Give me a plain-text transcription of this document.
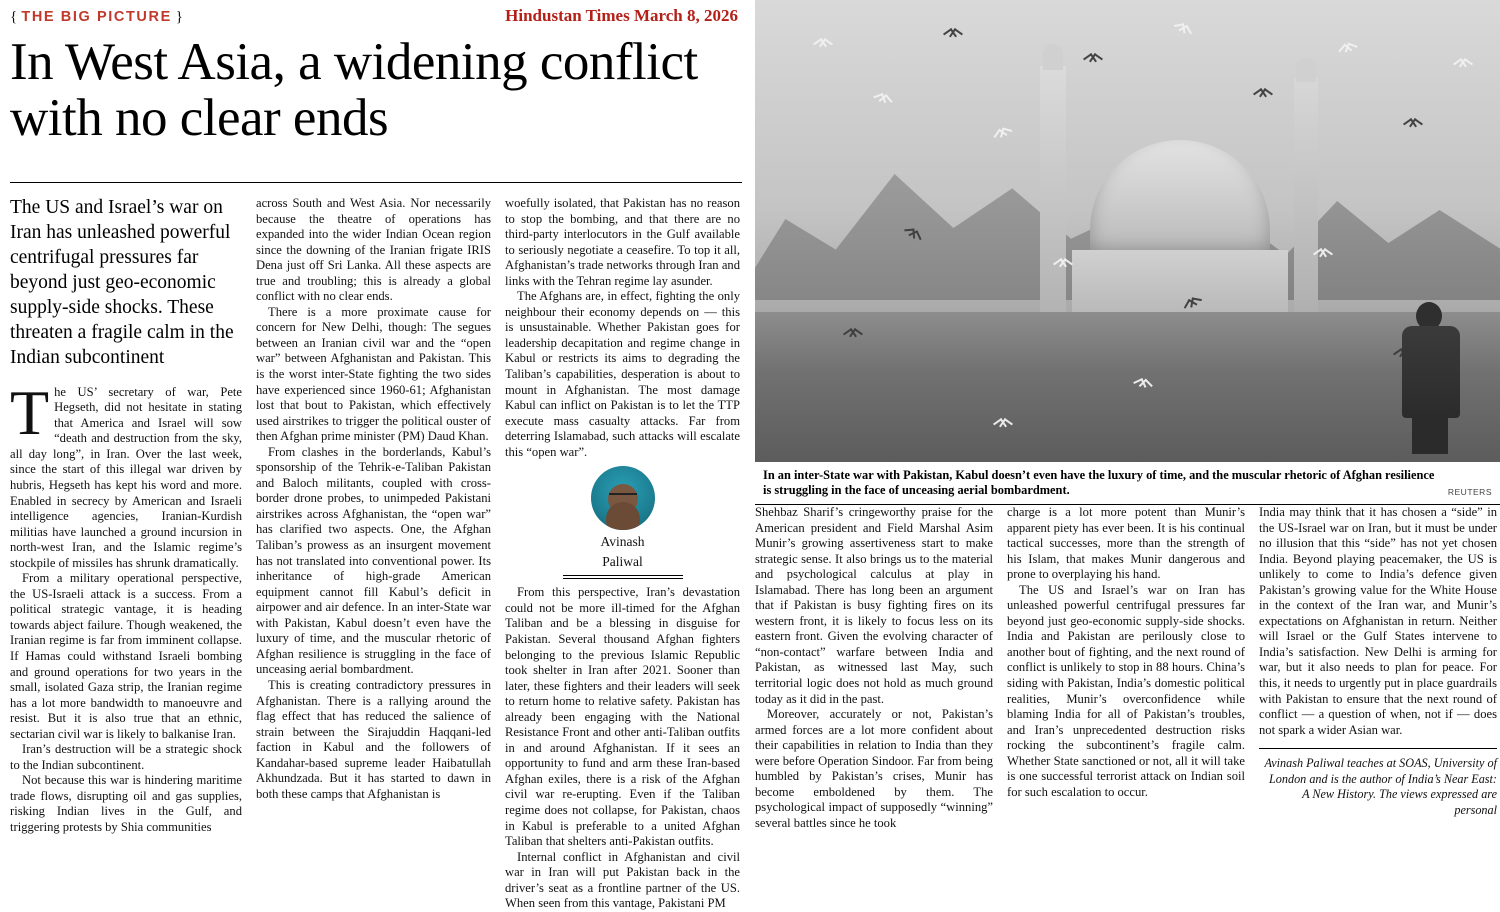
{ THE BIG PICTURE }	Hindustan Times March 8, 2026
In West Asia, a widening conflict with no clear ends
The US and Israel’s war on Iran has unleashed powerful centrifugal pressures far beyond just geo-economic supply-side shocks. These threaten a fragile calm in the Indian subcontinent
The US’ secretary of war, Pete Hegseth, did not hesitate in stating that America and Israel will sow “death and destruction from the sky, all day long”, in Iran. Over the last week, since the start of this illegal war driven by hubris, Hegseth has kept his word and more. Enabled in secrecy by American and Israeli intelligence agencies, Iranian-Kurdish militias have launched a ground incursion in north-west Iran, and the Islamic regime’s stockpile of missiles has shrunk dramatically.

From a military operational perspective, the US-Israeli attack is a success. From a political strategic vantage, it is heading towards abject failure. Though weakened, the Iranian regime is far from imminent collapse. If Hamas could withstand Israeli bombing and ground operations for two years in the small, isolated Gaza strip, the Iranian regime has a lot more bandwidth to manoeuvre and resist. But it is also true that an ethnic, sectarian civil war is likely to balkanise Iran.

Iran’s destruction will be a strategic shock to the Indian subcontinent.

Not because this war is hindering maritime trade flows, disrupting oil and gas supplies, risking Indian lives in the Gulf, and triggering protests by Shia communities

across South and West Asia. Nor necessarily because the theatre of operations has expanded into the wider Indian Ocean region since the downing of the Iranian frigate IRIS Dena just off Sri Lanka. All these aspects are true and troubling; this is already a global conflict with no clear ends.

There is a more proximate cause for concern for New Delhi, though: The segues between an Iranian civil war and the “open war” between Afghanistan and Pakistan. This is the worst inter-State fighting the two sides have experienced since 1960-61; Afghanistan lost that bout to Pakistan, which effectively used airstrikes to trigger the political ouster of then Afghan prime minister (PM) Daud Khan.

From clashes in the borderlands, Kabul’s sponsorship of the Tehrik-e-Taliban Pakistan and Baloch militants, coupled with cross-border drone probes, to unimpeded Pakistani airstrikes across Afghanistan, the “open war” has clarified two aspects. One, the Afghan Taliban’s prowess as an insurgent movement has not translated into conventional power. Its inheritance of high-grade American equipment cannot fill Kabul’s deficit in airpower and air defence. In an inter-State war with Pakistan, Kabul doesn’t even have the luxury of time, and the muscular rhetoric of Afghan resilience is struggling in the face of unceasing aerial bombardment.

This is creating contradictory pressures in Afghanistan. There is a rallying around the flag effect that has reduced the salience of strain between the Sirajuddin Haqqani-led faction in Kabul and the followers of Kandahar-based supreme leader Haibatullah Akhundzada. But it has started to dawn in both these camps that Afghanistan is

woefully isolated, that Pakistan has no reason to stop the bombing, and that there are no third-party interlocutors in the Gulf available to seriously negotiate a ceasefire. To top it all, Afghanistan’s trade networks through Iran and links with the Tehran regime lay asunder.

The Afghans are, in effect, fighting the only neighbour their economy depends on — this is unsustainable. Whether Pakistan goes for leadership decapitation and regime change in Kabul or restricts its aims to degrading the Taliban’s capabilities, desperation is about to mount in Afghanistan. The most damage Kabul can inflict on Pakistan is to let the TTP execute mass casualty attacks. Far from deterring Islamabad, such attacks will escalate this “open war”.

Avinash
Paliwal

From this perspective, Iran’s devastation could not be more ill-timed for the Afghan Taliban and be a blessing in disguise for Pakistan. Several thousand Afghan fighters belonging to the previous Islamic Republic took shelter in Iran after 2021. Sooner than later, these fighters and their leaders will seek to return home to relative safety. Pakistan has already been engaging with the National Resistance Front and other anti-Taliban outfits in and around Afghanistan. If it sees an opportunity to fund and arm these Iran-based Afghan exiles, there is a risk of the Afghan civil war re-erupting. Even if the Taliban regime does not collapse, for Pakistan, chaos in Kabul is preferable to a united Afghan Taliban that shelters anti-Pakistan outfits.

Internal conflict in Afghanistan and civil war in Iran will put Pakistan back in the driver’s seat as a frontline partner of the US. When seen from this vantage, Pakistani PM

In an inter-State war with Pakistan, Kabul doesn’t even have the luxury of time, and the muscular rhetoric of Afghan resilience is struggling in the face of unceasing aerial bombardment.	REUTERS

Shehbaz Sharif’s cringeworthy praise for the American president and Field Marshal Asim Munir’s growing assertiveness start to make strategic sense. It also brings us to the material and psychological calculus at play in Islamabad. There has long been an argument that if Pakistan is busy fighting fires on its western front, it is likely to focus less on its eastern front. Given the evolving character of “non-contact” warfare between India and Pakistan, as witnessed last May, such territorial logic does not hold as much ground today as it did in the past.

Moreover, accurately or not, Pakistan’s armed forces are a lot more confident about their capabilities in relation to India than they were before Operation Sindoor. Far from being humbled by Pakistan’s crises, Munir has become emboldened by them. The psychological impact of supposedly “winning” several battles since he took

charge is a lot more potent than Munir’s apparent piety has ever been. It is his continual tactical successes, more than the strength of his Islam, that makes Munir dangerous and prone to overplaying his hand.

The US and Israel’s war on Iran has unleashed powerful centrifugal pressures far beyond just geo-economic supply-side shocks. India and Pakistan are perilously close to another bout of fighting, and the next round of conflict is unlikely to stop in 88 hours. China’s siding with Pakistan, India’s domestic political realities, Munir’s overconfidence while blaming India for all of Pakistan’s troubles, and Iran’s unprecedented destruction risks rocking the subcontinent’s fragile calm. Whether State sanctioned or not, all it will take is one successful terrorist attack on Indian soil for such escalation to occur.

India may think that it has chosen a “side” in the US-Israel war on Iran, but it must be under no illusion that this “side” has not yet chosen India. Beyond playing peacemaker, the US is unlikely to come to India’s defence given Pakistan’s growing value for the White House in the context of the Iran war, and Munir’s expectations on Afghanistan in return. Neither will Israel or the Gulf States intervene to India’s satisfaction. New Delhi is arming for war, but it also needs to plan for peace. For this, it needs to urgently put in place guardrails with Pakistan to ensure that the next round of conflict — a question of when, not if — does not spark a wider Asian war.

Avinash Paliwal teaches at SOAS, University of London and is the author of India’s Near East: A New History. The views expressed are personal
